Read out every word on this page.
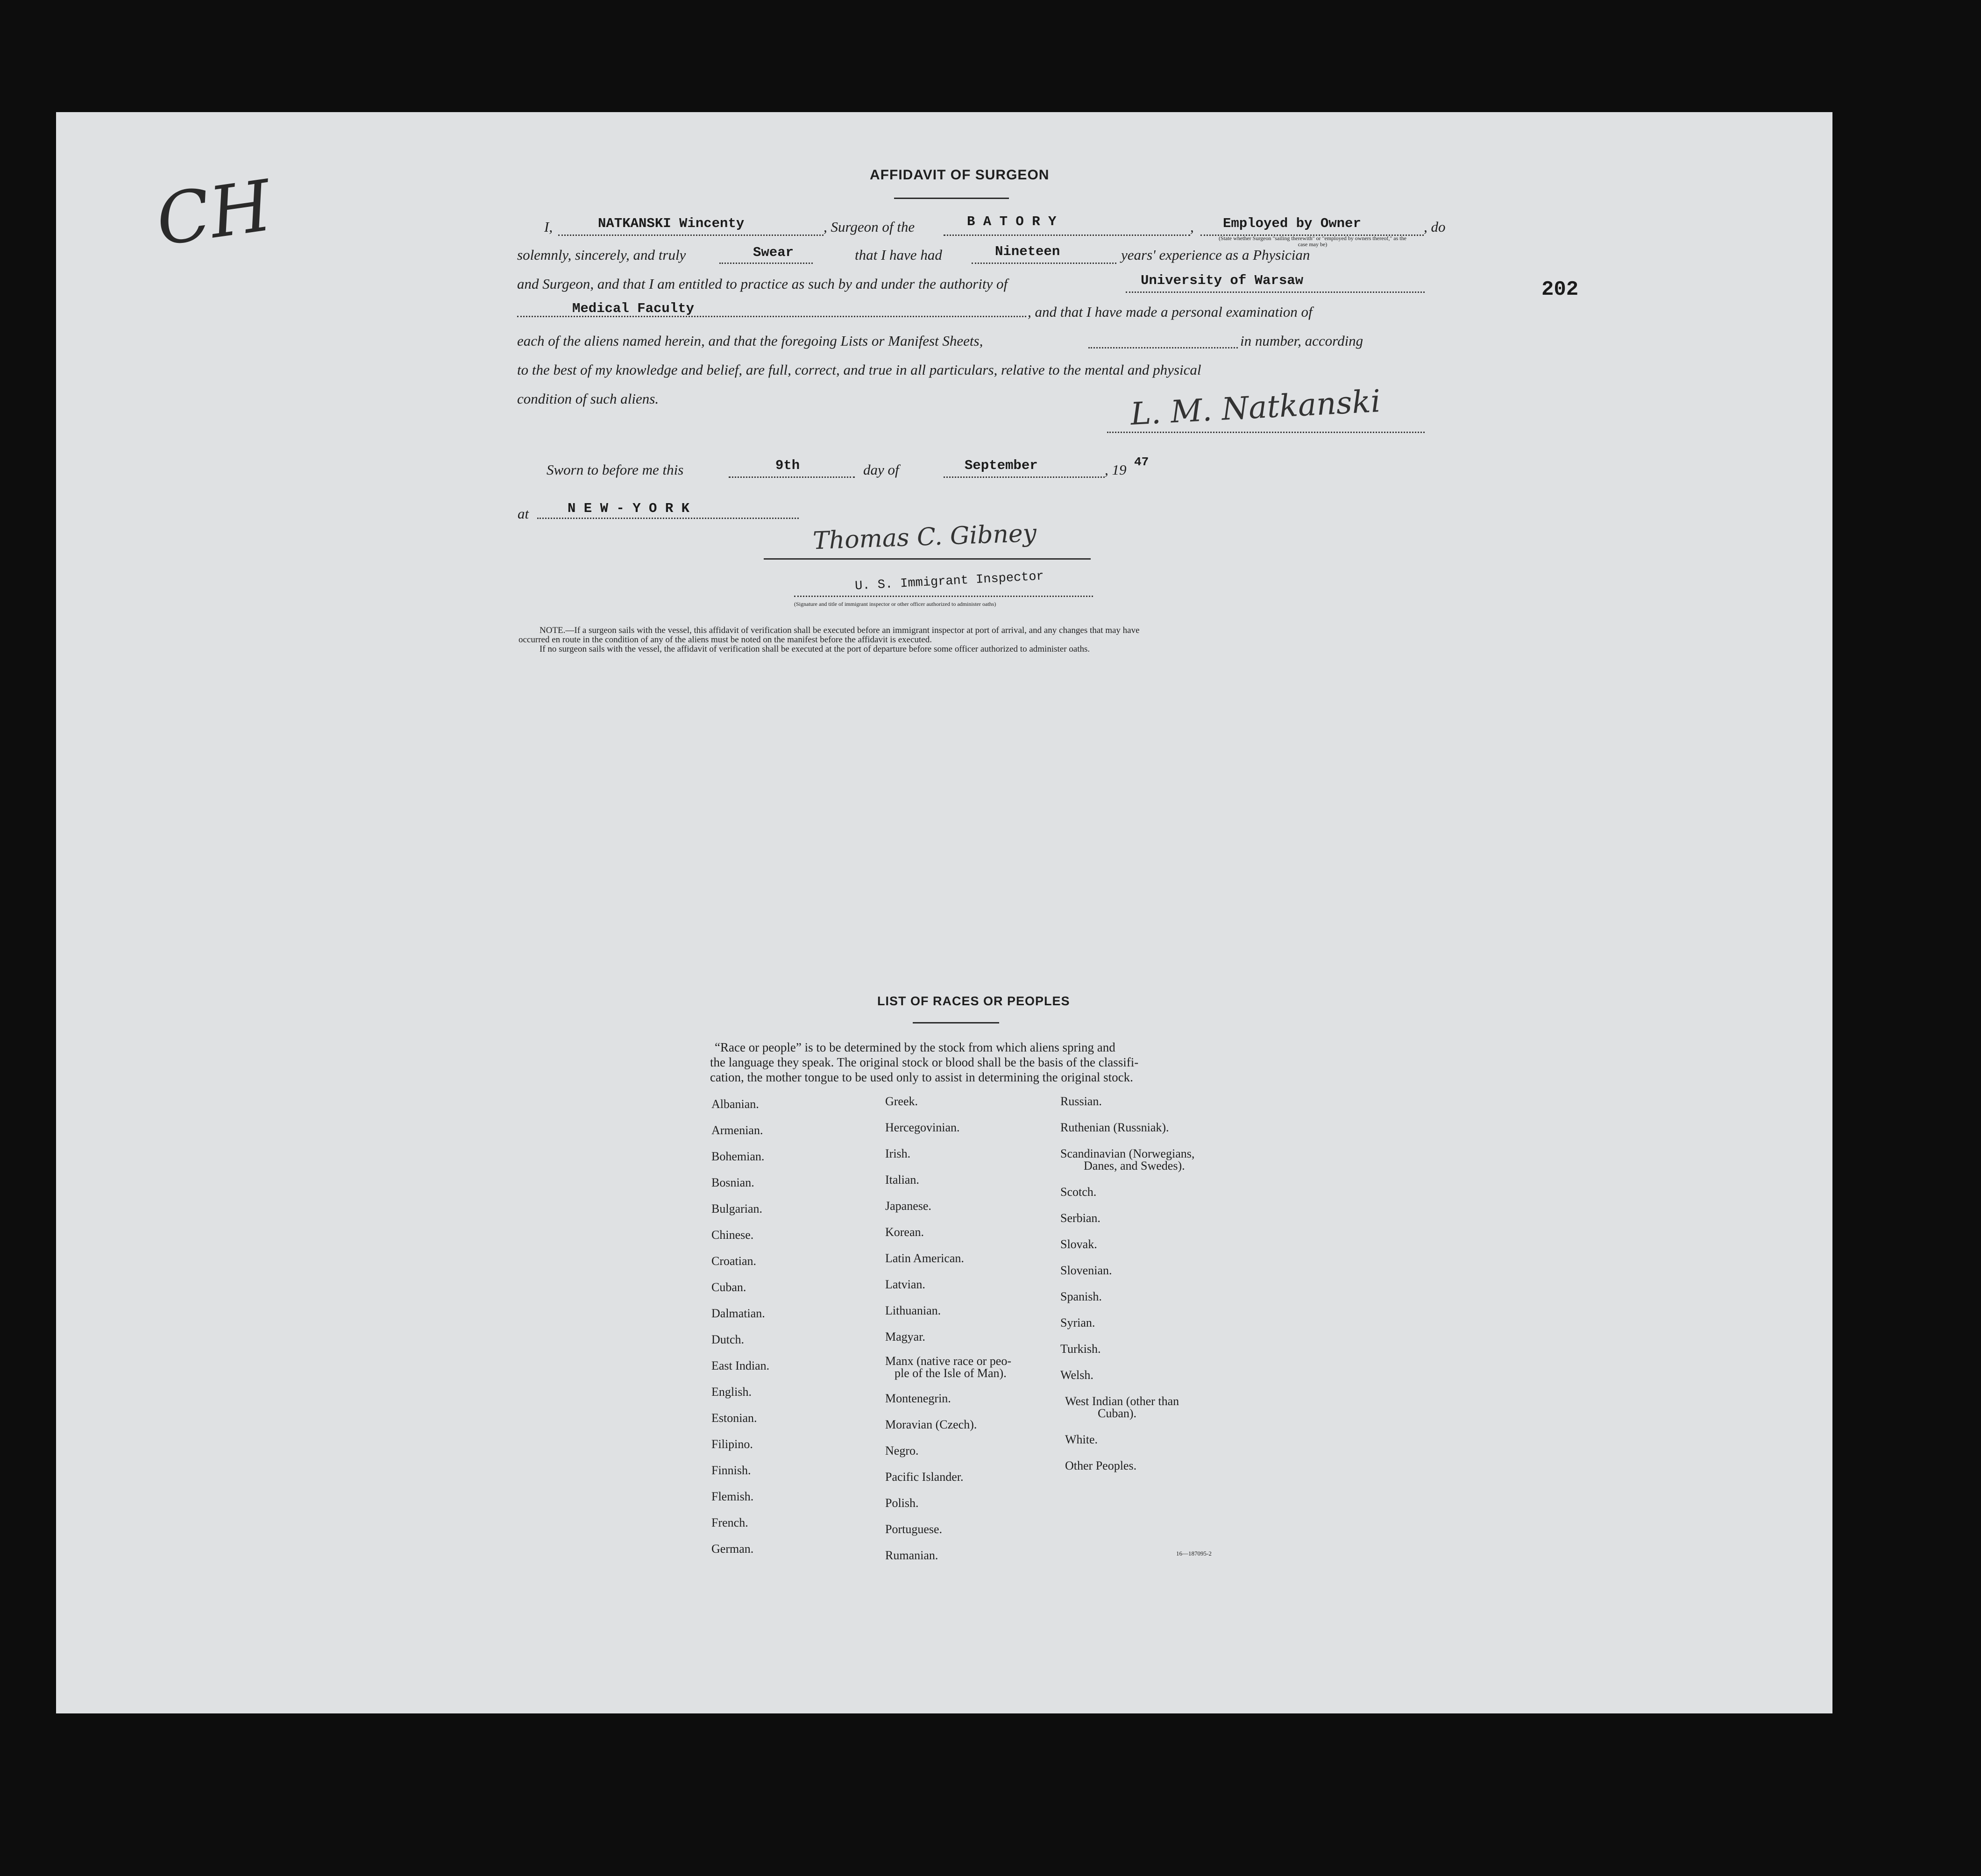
CH
202
AFFIDAVIT OF SURGEON
I,	NATKANSKI Wincenty	, Surgeon of the	B A T O R Y	, Employed by Owner
(State whether Surgeon "sailing therewith" or "employed by owners thereof," as the case may be)
, do
solemnly, sincerely, and truly	Swear	that I have had	Nineteen	years' experience as a Physician
and Surgeon, and that I am entitled to practice as such by and under the authority of	University of Warsaw
Medical Faculty	, and that I have made a personal examination of
each of the aliens named herein, and that the foregoing Lists or Manifest Sheets,	in number, according
to the best of my knowledge and belief, are full, correct, and true in all particulars, relative to the mental and physical
condition of such aliens.	L. M. Natkanski
Sworn to before me this	9th	day of	September	, 19 47
at	N E W - Y O R K
Thomas C. Gibney
U. S. Immigrant Inspector
(Signature and title of immigrant inspector or other officer authorized to administer oaths)
NOTE.—If a surgeon sails with the vessel, this affidavit of verification shall be executed before an immigrant inspector at port of arrival, and any changes that may have
occurred en route in the condition of any of the aliens must be noted on the manifest before the affidavit is executed.
If no surgeon sails with the vessel, the affidavit of verification shall be executed at the port of departure before some officer authorized to administer oaths.
LIST OF RACES OR PEOPLES
“Race or people” is to be determined by the stock from which aliens spring and
the language they speak. The original stock or blood shall be the basis of the classifi-
cation, the mother tongue to be used only to assist in determining the original stock.
Albanian.
Armenian.
Bohemian.
Bosnian.
Bulgarian.
Chinese.
Croatian.
Cuban.
Dalmatian.
Dutch.
East Indian.
English.
Estonian.
Filipino.
Finnish.
Flemish.
French.
German.
Greek.
Hercegovinian.
Irish.
Italian.
Japanese.
Korean.
Latin American.
Latvian.
Lithuanian.
Magyar.
Manx (native race or peo-
ple of the Isle of Man).
Montenegrin.
Moravian (Czech).
Negro.
Pacific Islander.
Polish.
Portuguese.
Rumanian.
Russian.
Ruthenian (Russniak).
Scandinavian (Norwegians,
Danes, and Swedes).
Scotch.
Serbian.
Slovak.
Slovenian.
Spanish.
Syrian.
Turkish.
Welsh.
West Indian (other than
Cuban).
White.
Other Peoples.
16—187095-2
